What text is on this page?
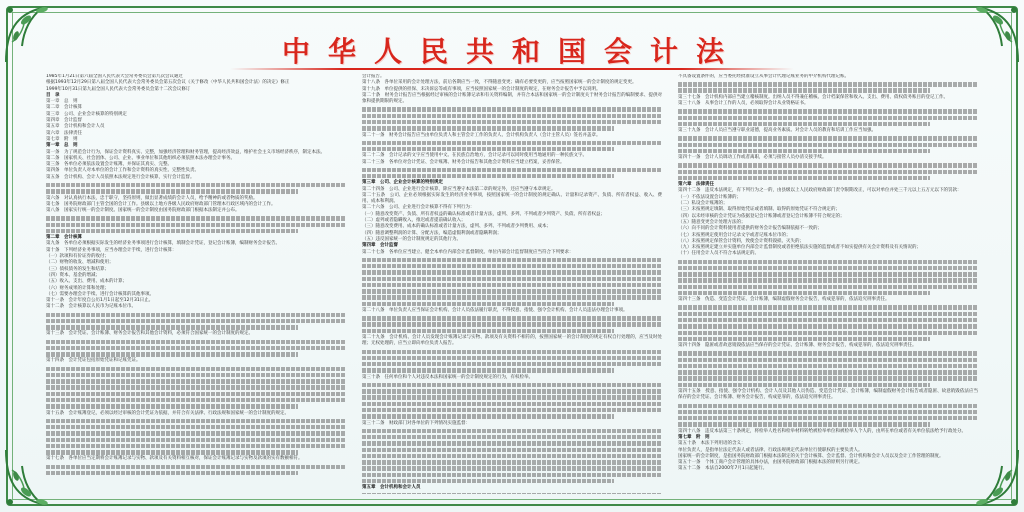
中华人民共和国会计法

1985年1月21日第六届全国人民代表大会常务委员会第九次会议通过

根据1993年12月29日第八届全国人民代表大会常务委员会第五次会议《关于修改〈中华人民共和国会计法〉的决定》修正

1999年10月31日第九届全国人民代表大会常务委员会第十二次会议修订

目　录

第一章　总　则

第二章　会计核算

第三章　公司、企业会计核算的特别规定

第四章　会计监督

第五章　会计机构和会计人员

第六章　法律责任

第七章　附　则

第一章　总　则

第一条　为了规范会计行为，保证会计资料真实、完整，加强经济管理和财务管理，提高经济效益，维护社会主义市场经济秩序，制定本法。

第二条　国家机关、社会团体、公司、企业、事业单位和其他组织必须依照本法办理会计事务。

第三条　各单位必须依法设置会计账簿，并保证其真实、完整。

第四条　单位负责人对本单位的会计工作和会计资料的真实性、完整性负责。

第五条　会计机构、会计人员依照本法规定进行会计核算，实行会计监督。

第六条　对认真执行本法，忠于职守，坚持原则，做出显著成绩的会计人员，给予精神的或者物质的奖励。

第七条　国务院财政部门主管全国的会计工作。县级以上地方各级人民政府财政部门管理本行政区域内的会计工作。

第八条　国家实行统一的会计制度。国家统一的会计制度由国务院财政部门根据本法制定并公布。

第二章　会计核算

第九条　各单位必须根据实际发生的经济业务事项进行会计核算，填制会计凭证，登记会计账簿，编制财务会计报告。

第十条　下列经济业务事项，应当办理会计手续，进行会计核算：

（一）款项和有价证券的收付；

（二）财物的收发、增减和使用；

（三）债权债务的发生和结算；

（四）资本、基金的增减；

（五）收入、支出、费用、成本的计算；

（六）财务成果的计算和处理；

（七）需要办理会计手续、进行会计核算的其他事项。

第十一条　会计年度自公历1月1日起至12月31日止。

第十二条　会计核算以人民币为记账本位币。

第十三条　会计凭证、会计账簿、财务会计报告和其他会计资料，必须符合国家统一的会计制度的规定。

第十四条　会计凭证包括原始凭证和记账凭证。

第十五条　会计账簿登记，必须以经过审核的会计凭证为依据，并符合有关法律、行政法规和国家统一的会计制度的规定。

第十七条　各单位应当定期将会计账簿记录与实物、款项及有关资料相互核对，保证会计账簿记录与实物及款项的实有数额相符。

会计报告。

第十八条　各单位采用的会计处理方法，前后各期应当一致，不得随意变更；确有必要变更的，应当按照国家统一的会计制度的规定变更。

第十九条　单位提供的担保、未决诉讼等或有事项，应当按照国家统一的会计制度的规定，在财务会计报告中予以说明。

第二十条　财务会计报告应当根据经过审核的会计账簿记录和有关资料编制，并符合本法和国家统一的会计制度关于财务会计报告的编制要求、提供对象和提供期限的规定。

第二十一条　财务会计报告应当由单位负责人和主管会计工作的负责人、会计机构负责人（会计主管人员）签名并盖章。

第二十二条　会计记录的文字应当使用中文。在民族自治地方，会计记录可以同时使用当地通用的一种民族文字。

第二十三条　各单位对会计凭证、会计账簿、财务会计报告和其他会计资料应当建立档案，妥善保管。

第三章　公司、企业会计核算的特别规定

第二十四条　公司、企业进行会计核算，除应当遵守本法第二章的规定外，还应当遵守本章规定。

第二十五条　公司、企业必须根据实际发生的经济业务事项，按照国家统一的会计制度的规定确认、计量和记录资产、负债、所有者权益、收入、费用、成本和利润。

第二十六条　公司、企业进行会计核算不得有下列行为：

（一）随意改变资产、负债、所有者权益的确认标准或者计量方法，虚列、多列、不列或者少列资产、负债、所有者权益；

（二）虚列或者隐瞒收入，推迟或者提前确认收入；

（三）随意改变费用、成本的确认标准或者计量方法，虚列、多列、不列或者少列费用、成本；

（四）随意调整利润的计算、分配方法，编造虚假利润或者隐瞒利润；

（五）违反国家统一的会计制度规定的其他行为。

第四章　会计监督

第二十七条　各单位应当建立、健全本单位内部会计监督制度。单位内部会计监督制度应当符合下列要求：

第二十八条　单位负责人应当保证会计机构、会计人员依法履行职责，不得授意、指使、强令会计机构、会计人员违法办理会计事项。

第二十九条　会计机构、会计人员发现会计账簿记录与实物、款项及有关资料不相符的，按照国家统一的会计制度的规定有权自行处理的，应当及时处理；无权处理的，应当立即向单位负责人报告。

第三十条　任何单位和个人对违反本法和国家统一的会计制度规定的行为，有权检举。

第三十二条　财政部门对各单位的下列情况实施监督：

第五章　会计机构和会计人员

不具备设置条件的，应当委托经批准设立从事会计代理记账业务的中介机构代理记账。

第三十七条　会计机构内部应当建立稽核制度。出纳人员不得兼任稽核、会计档案保管和收入、支出、费用、债权债务账目的登记工作。

第三十八条　从事会计工作的人员，必须取得会计从业资格证书。

第三十九条　会计人员应当遵守职业道德，提高业务素质。对会计人员的教育和培训工作应当加强。

第四十一条　会计人员调动工作或者离职，必须与接管人员办清交接手续。

第六章　法律责任

第四十二条　违反本法规定，有下列行为之一的，由县级以上人民政府财政部门责令限期改正，可以对单位并处三千元以上五万元以下的罚款：

（一）不依法设置会计账簿的；

（二）私设会计账簿的；

（三）未按照规定填制、取得原始凭证或者填制、取得的原始凭证不符合规定的；

（四）以未经审核的会计凭证为依据登记会计账簿或者登记会计账簿不符合规定的；

（五）随意变更会计处理方法的；

（六）向不同的会计资料使用者提供的财务会计报告编制依据不一致的；

（七）未按照规定使用会计记录文字或者记账本位币的；

（八）未按照规定保管会计资料，致使会计资料毁损、灭失的；

（九）未按照规定建立并实施单位内部会计监督制度或者拒绝依法实施的监督或者不如实提供有关会计资料及有关情况的；

（十）任用会计人员不符合本法规定的。

第四十三条　伪造、变造会计凭证、会计账簿，编制虚假财务会计报告，构成犯罪的，依法追究刑事责任。

第四十四条　隐匿或者故意销毁依法应当保存的会计凭证、会计账簿、财务会计报告，构成犯罪的，依法追究刑事责任。

第四十五条　授意、指使、强令会计机构、会计人员及其他人员伪造、变造会计凭证、会计账簿，编制虚假财务会计报告或者隐匿、故意销毁依法应当保存的会计凭证、会计账簿、财务会计报告，构成犯罪的，依法追究刑事责任。

第四十八条　违反本法第三十条规定，将检举人姓名和检举材料转给被检举单位和被检举人个人的，由所在单位或者有关单位依法给予行政处分。

第七章　附　则

第五十条　本法下列用语的含义：

单位负责人，是指单位法定代表人或者法律、行政法规规定代表单位行使职权的主要负责人。

国家统一的会计制度，是指国务院财政部门根据本法制定的关于会计核算、会计监督、会计机构和会计人员以及会计工作管理的制度。

第五十一条　个体工商户会计管理的具体办法，由国务院财政部门根据本法的原则另行规定。

第五十二条　本法自2000年7月1日起施行。
